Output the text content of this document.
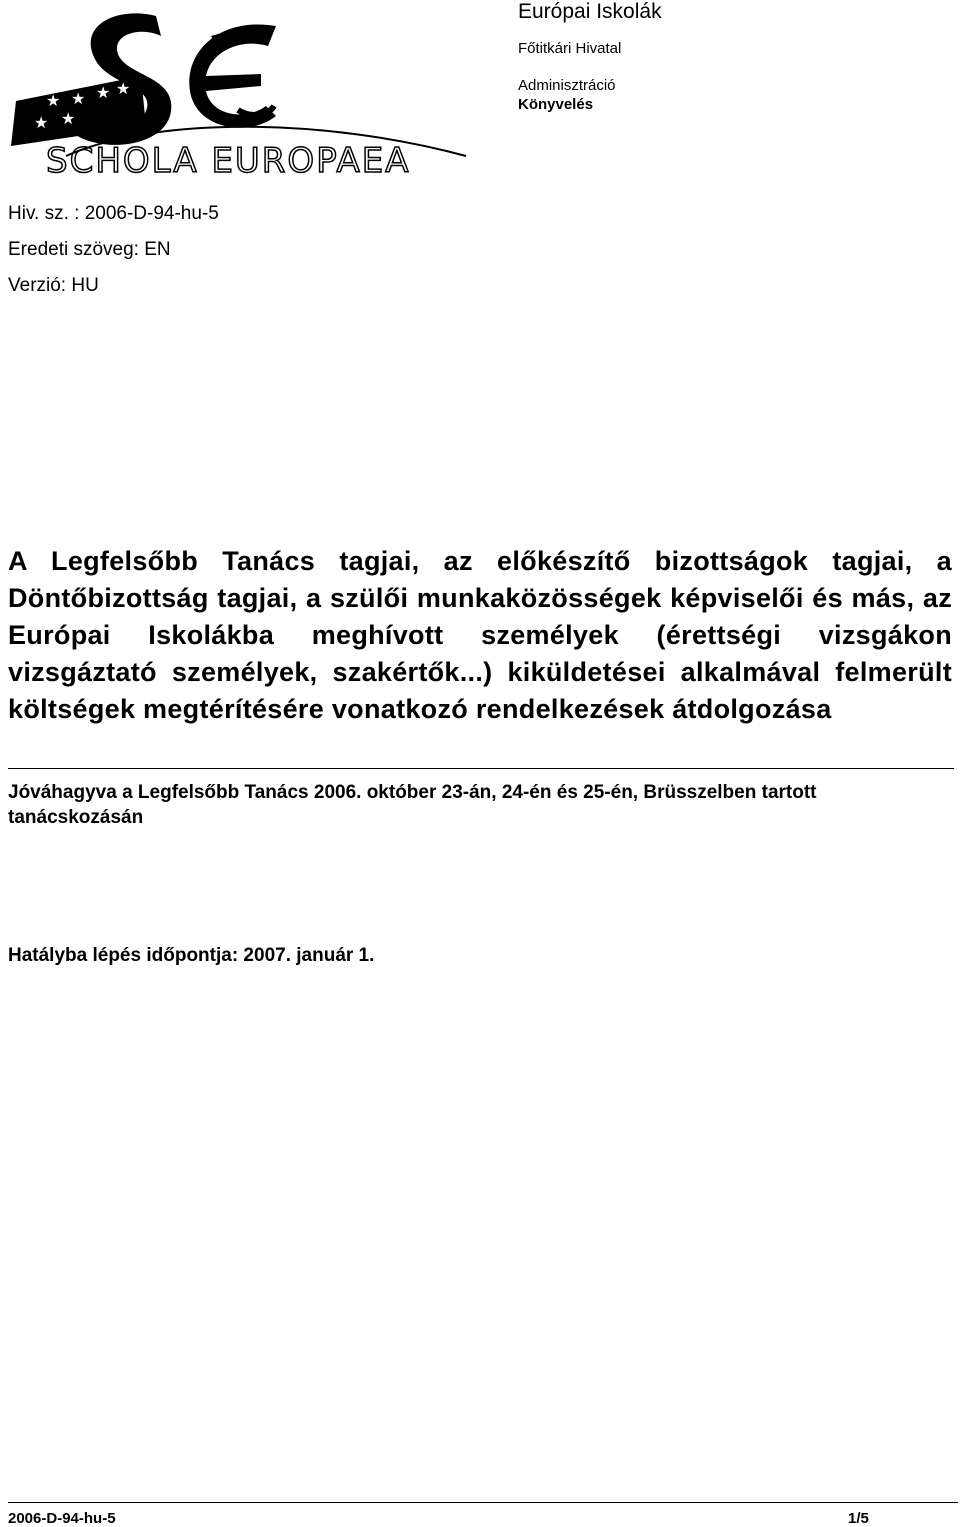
★ ★ ★ ★
★ ★
SCHOLA EUROPAEA
Európai Iskolák
Főtitkári Hivatal
Adminisztráció
Könyvelés
Hiv. sz. : 2006-D-94-hu-5
Eredeti szöveg: EN
Verzió: HU
A Legfelsőbb Tanács tagjai, az előkészítő bizottságok tagjai, a Döntőbizottság tagjai, a szülői munkaközösségek képviselői és más, az Európai Iskolákba meghívott személyek (érettségi vizsgákon vizsgáztató személyek, szakértők...) kiküldetései alkalmával felmerült költségek megtérítésére vonatkozó rendelkezések átdolgozása
Jóváhagyva a Legfelsőbb Tanács 2006. október 23-án, 24-én és 25-én, Brüsszelben tartott tanácskozásán
Hatályba lépés időpontja: 2007. január 1.
2006-D-94-hu-5	1/5
